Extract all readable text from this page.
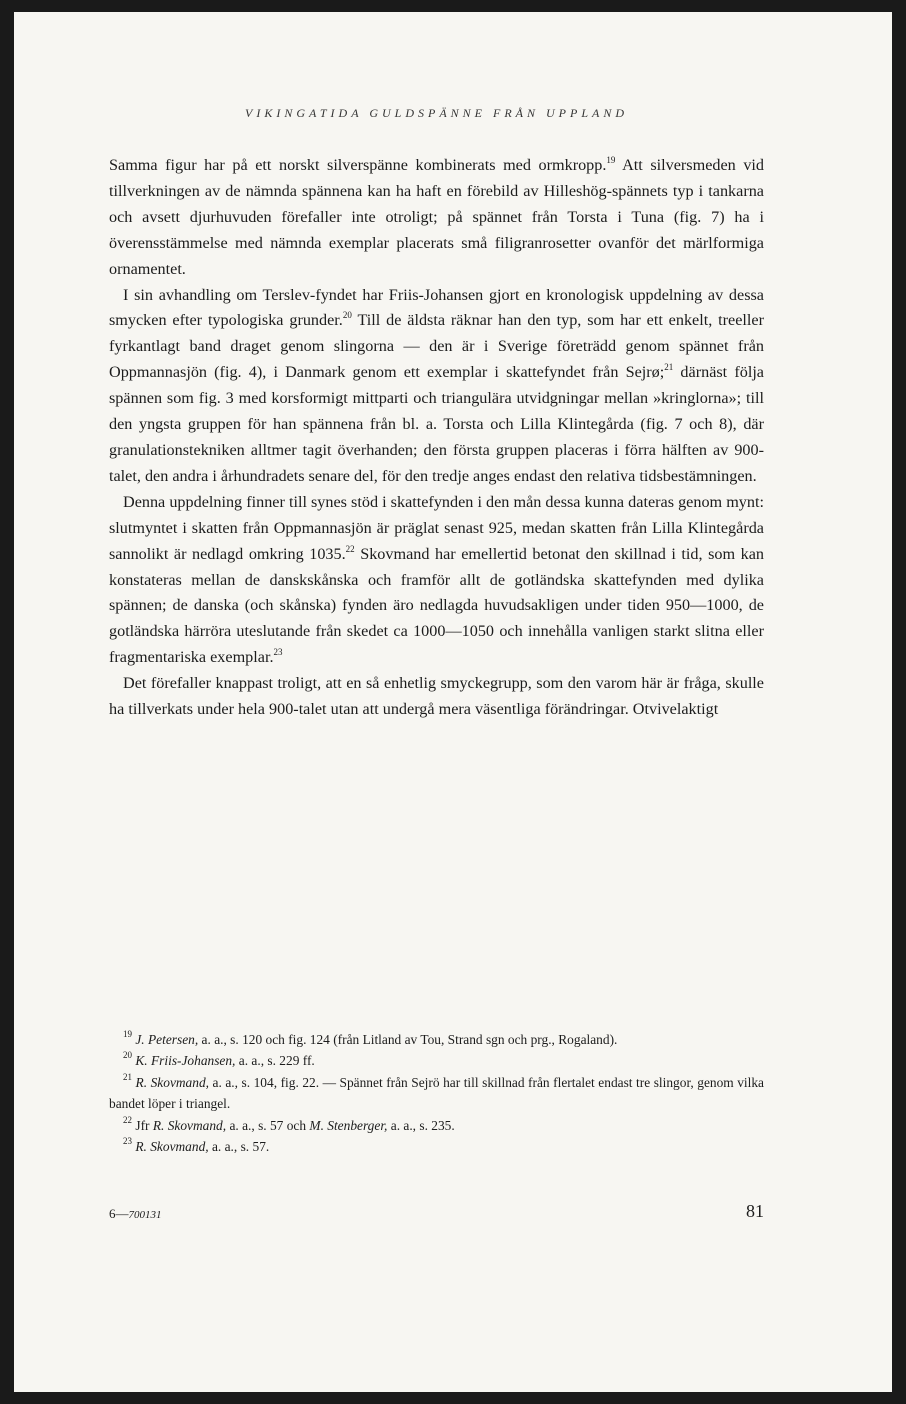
VIKINGATIDA GULDSPÄNNE FRÅN UPPLAND

Samma figur har på ett norskt silverspänne kombinerats med ormkropp.$^{19}$ Att silversmeden vid tillverkningen av de nämnda spännena kan ha haft en förebild av Hilleshög-spännets typ i tankarna och avsett djurhuvuden förefaller inte otroligt; på spännet från Torsta i Tuna (fig. 7) ha i överensstämmelse med nämnda exemplar placerats små filigranrosetter ovanför det märlformiga ornamentet.

I sin avhandling om Terslev-fyndet har Friis-Johansen gjort en kronologisk uppdelning av dessa smycken efter typologiska grunder.$^{20}$ Till de äldsta räknar han den typ, som har ett enkelt, treeller fyrkantlagt band draget genom slingorna — den är i Sverige företrädd genom spännet från Oppmannasjön (fig. 4), i Danmark genom ett exemplar i skattefyndet från Sejrø;$^{21}$ därnäst följa spännen som fig. 3 med korsformigt mittparti och triangulära utvidgningar mellan »kringlorna»; till den yngsta gruppen för han spännena från bl. a. Torsta och Lilla Klintegårda (fig. 7 och 8), där granulationstekniken alltmer tagit överhanden; den första gruppen placeras i förra hälften av 900-talet, den andra i århundradets senare del, för den tredje anges endast den relativa tidsbestämningen.

Denna uppdelning finner till synes stöd i skattefynden i den mån dessa kunna dateras genom mynt: slutmyntet i skatten från Oppmannasjön är präglat senast 925, medan skatten från Lilla Klintegårda sannolikt är nedlagd omkring 1035.22 Skovmand har emellertid betonat den skillnad i tid, som kan konstateras mellan de danskskånska och framför allt de gotländska skattefynden med dylika spännen; de danska (och skånska) fynden äro nedlagda huvudsakligen under tiden 950—1000, de gotländska härröra uteslutande från skedet ca 1000—1050 och innehålla vanligen starkt slitna eller fragmentariska exemplar.$^{23}$

Det förefaller knappast troligt, att en så enhetlig smyckegrupp, som den varom här är fråga, skulle ha tillverkats under hela 900-talet utan att undergå mera väsentliga förändringar. Otvivelaktigt

$^{19}$ J. Petersen, a. a., s. 120 och fig. 124 (från Litland av Tou, Strand sgn och prg., Rogaland).

$^{20}$ K. Friis-Johansen, a. a., s. 229 ff.

$^{21}$ R. Skovmand, a. a., s. 104, fig. 22. — Spännet från Sejrö har till skillnad från flertalet endast tre slingor, genom vilka bandet löper i triangel.

$^{22}$ Jfr R. Skovmand, a. a., s. 57 och M. Stenberger, a. a., s. 235.

$^{23}$ R. Skovmand, a. a., s. 57.

6—700131	81
